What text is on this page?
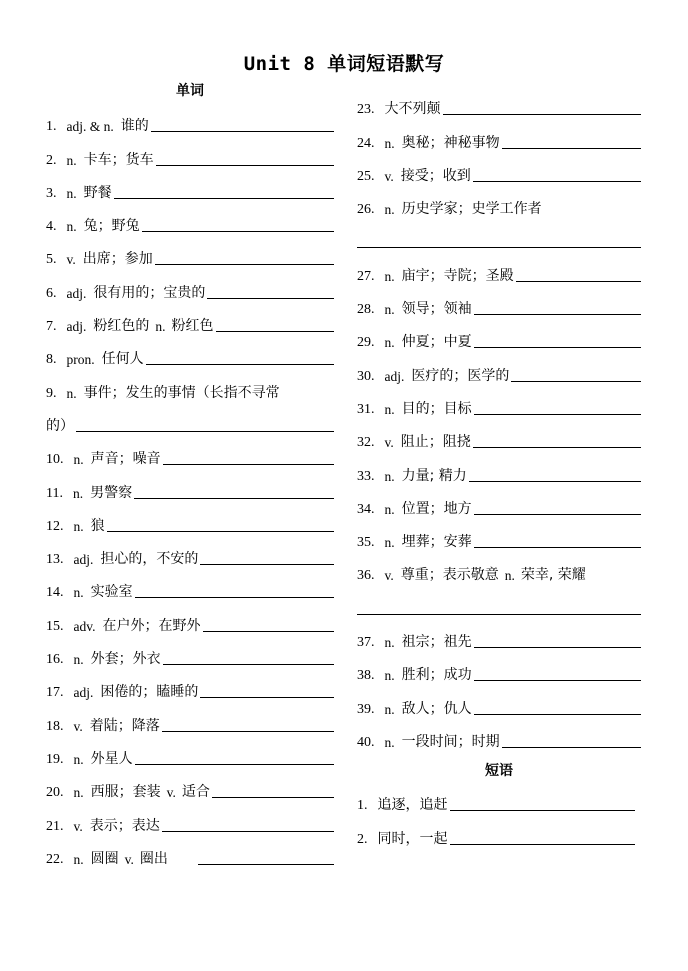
Unit 8 单词短语默写
单词
1. adj. & n. 谁的
2. n. 卡车；货车
3. n. 野餐
4. n. 兔；野兔
5. v. 出席；参加
6. adj. 很有用的；宝贵的
7. adj. 粉红色的 n. 粉红色
8. pron. 任何人
9. n. 事件；发生的事情（长指不寻常
的）
10. n. 声音；噪音
11. n. 男警察
12. n. 狼
13. adj. 担心的，不安的
14. n. 实验室
15. adv. 在户外；在野外
16. n. 外套；外衣
17. adj. 困倦的；瞌睡的
18. v. 着陆；降落
19. n. 外星人
20. n. 西服；套装 v. 适合
21. v. 表示；表达
22. n. 圆圈 v. 圈出
23. 大不列颠
24. n. 奥秘；神秘事物
25. v. 接受；收到
26. n. 历史学家；史学工作者
27. n. 庙宇；寺院；圣殿
28. n. 领导；领袖
29. n. 仲夏；中夏
30. adj. 医疗的；医学的
31. n. 目的；目标
32. v. 阻止；阻挠
33. n. 力量; 精力
34. n. 位置；地方
35. n. 埋葬；安葬
36. v. 尊重；表示敬意 n. 荣幸, 荣耀
37. n. 祖宗；祖先
38. n. 胜利；成功
39. n. 敌人；仇人
40. n. 一段时间；时期
短语
1. 追逐，追赶
2. 同时，一起
